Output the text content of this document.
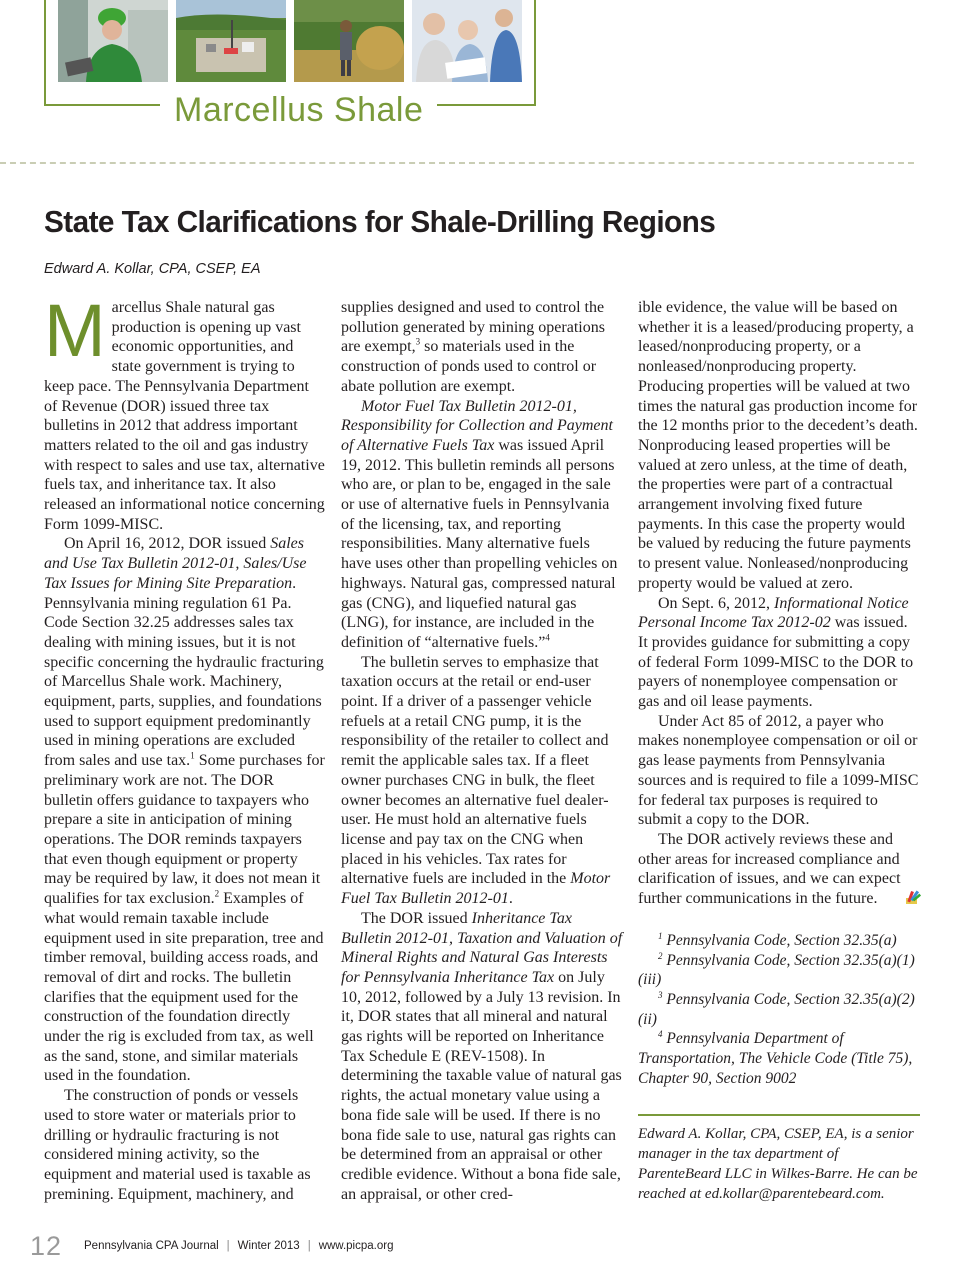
Marcellus Shale
State Tax Clarifications for Shale-Drilling Regions
Edward A. Kollar, CPA, CSEP, EA

Marcellus Shale natural gas production is opening up vast economic opportunities, and state government is trying to keep pace. The Pennsylvania Department of Revenue (DOR) issued three tax bulletins in 2012 that address important matters related to the oil and gas industry with respect to sales and use tax, alternative fuels tax, and inheritance tax. It also released an informational notice concerning Form 1099-MISC.

On April 16, 2012, DOR issued Sales and Use Tax Bulletin 2012-01, Sales/Use Tax Issues for Mining Site Preparation. Pennsylvania mining regulation 61 Pa. Code Section 32.25 addresses sales tax dealing with mining issues, but it is not specific concerning the hydraulic fracturing of Marcellus Shale work. Machinery, equipment, parts, supplies, and foundations used to support equipment predominantly used in mining operations are excluded from sales and use tax.$^1$ Some purchases for preliminary work are not. The DOR bulletin offers guidance to taxpayers who prepare a site in anticipation of mining operations. The DOR reminds taxpayers that even though equipment or property may be required by law, it does not mean it qualifies for tax exclusion.$^2$ Examples of what would remain taxable include equipment used in site preparation, tree and timber removal, building access roads, and removal of dirt and rocks. The bulletin clarifies that the equipment used for the construction of the foundation directly under the rig is excluded from tax, as well as the sand, stone, and similar materials used in the foundation.

The construction of ponds or vessels used to store water or materials prior to drilling or hydraulic fracturing is not considered mining activity, so the equipment and material used is taxable as premining. Equipment, machinery, and

supplies designed and used to control the pollution generated by mining operations are exempt,$^3$ so materials used in the construction of ponds used to control or abate pollution are exempt.

Motor Fuel Tax Bulletin 2012-01, Responsibility for Collection and Payment of Alternative Fuels Tax was issued April 19, 2012. This bulletin reminds all persons who are, or plan to be, engaged in the sale or use of alternative fuels in Pennsylvania of the licensing, tax, and reporting responsibilities. Many alternative fuels have uses other than propelling vehicles on highways. Natural gas, compressed natural gas (CNG), and liquefied natural gas (LNG), for instance, are included in the definition of “alternative fuels.”$^4$

The bulletin serves to emphasize that taxation occurs at the retail or end-user point. If a driver of a passenger vehicle refuels at a retail CNG pump, it is the responsibility of the retailer to collect and remit the applicable sales tax. If a fleet owner purchases CNG in bulk, the fleet owner becomes an alternative fuel dealer-user. He must hold an alternative fuels license and pay tax on the CNG when placed in his vehicles. Tax rates for alternative fuels are included in the Motor Fuel Tax Bulletin 2012-01.

The DOR issued Inheritance Tax Bulletin 2012-01, Taxation and Valuation of Mineral Rights and Natural Gas Interests for Pennsylvania Inheritance Tax on July 10, 2012, followed by a July 13 revision. In it, DOR states that all mineral and natural gas rights will be reported on Inheritance Tax Schedule E (REV-1508). In determining the taxable value of natural gas rights, the actual monetary value using a bona fide sale will be used. If there is no bona fide sale to use, natural gas rights can be determined from an appraisal or other credible evidence. Without a bona fide sale, an appraisal, or other cred-

ible evidence, the value will be based on whether it is a leased/producing property, a leased/nonproducing property, or a nonleased/nonproducing property. Producing properties will be valued at two times the natural gas production income for the 12 months prior to the decedent’s death. Nonproducing leased properties will be valued at zero unless, at the time of death, the properties were part of a contractual arrangement involving fixed future payments. In this case the property would be valued by reducing the future payments to present value. Nonleased/nonproducing property would be valued at zero.

On Sept. 6, 2012, Informational Notice Personal Income Tax 2012-02 was issued. It provides guidance for submitting a copy of federal Form 1099-MISC to the DOR to payers of nonemployee compensation or gas and oil lease payments.

Under Act 85 of 2012, a payer who makes nonemployee compensation or oil or gas lease payments from Pennsylvania sources and is required to file a 1099-MISC for federal tax purposes is required to submit a copy to the DOR.

The DOR actively reviews these and other areas for increased compliance and clarification of issues, and we can expect further communications in the future.

$^1$ Pennsylvania Code, Section 32.35(a)

$^2$ Pennsylvania Code, Section 32.35(a)(1)(iii)

$^3$ Pennsylvania Code, Section 32.35(a)(2)(ii)

$^4$ Pennsylvania Department of Transportation, The Vehicle Code (Title 75), Chapter 90, Section 9002

Edward A. Kollar, CPA, CSEP, EA, is a senior manager in the tax department of ParenteBeard LLC in Wilkes-Barre. He can be reached at ed.kollar@parentebeard.com.
12	Pennsylvania CPA Journal | Winter 2013 | www.picpa.org
